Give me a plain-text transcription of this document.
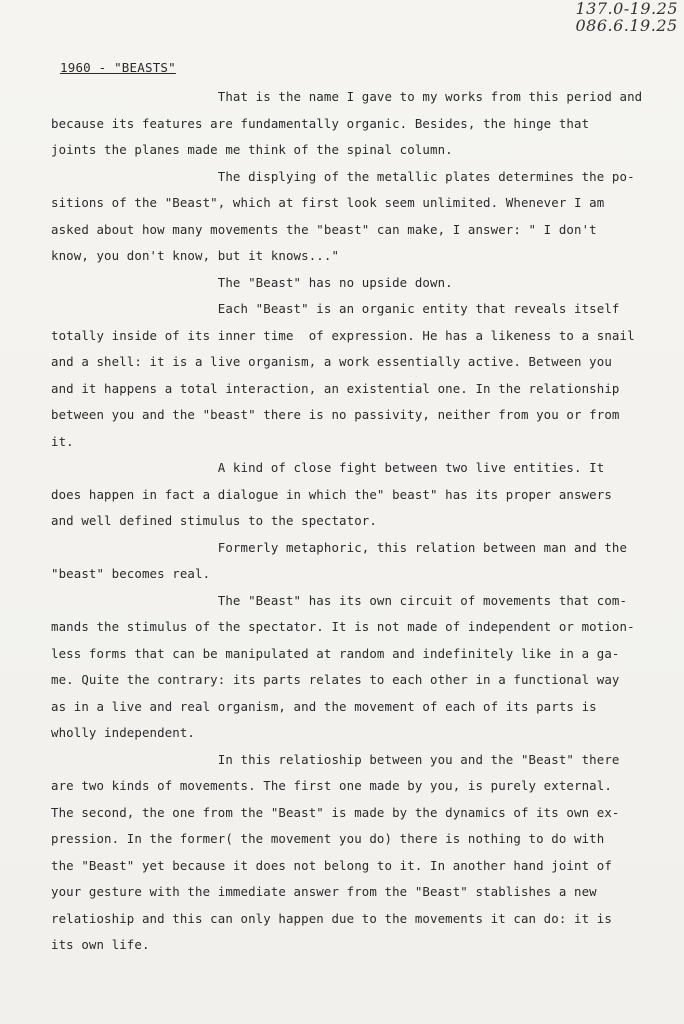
137.0-19.25
086.6.19.25
1960 - "BEASTS"
That is the name I gave to my works from this period and
because its features are fundamentally organic. Besides, the hinge that
joints the planes made me think of the spinal column.
The displying of the metallic plates determines the po-
sitions of the "Beast", which at first look seem unlimited. Whenever I am
asked about how many movements the "beast" can make, I answer: " I don't
know, you don't know, but it knows..."
The "Beast" has no upside down.
Each "Beast" is an organic entity that reveals itself
totally inside of its inner time  of expression. He has a likeness to a snail
and a shell: it is a live organism, a work essentially active. Between you
and it happens a total interaction, an existential one. In the relationship
between you and the "beast" there is no passivity, neither from you or from
it.
A kind of close fight between two live entities. It
does happen in fact a dialogue in which the" beast" has its proper answers
and well defined stimulus to the spectator.
Formerly metaphoric, this relation between man and the
"beast" becomes real.
The "Beast" has its own circuit of movements that com-
mands the stimulus of the spectator. It is not made of independent or motion-
less forms that can be manipulated at random and indefinitely like in a ga-
me. Quite the contrary: its parts relates to each other in a functional way
as in a live and real organism, and the movement of each of its parts is
wholly independent.
In this relatioship between you and the "Beast" there
are two kinds of movements. The first one made by you, is purely external.
The second, the one from the "Beast" is made by the dynamics of its own ex-
pression. In the former( the movement you do) there is nothing to do with
the "Beast" yet because it does not belong to it. In another hand joint of
your gesture with the immediate answer from the "Beast" stablishes a new
relatioship and this can only happen due to the movements it can do: it is
its own life.
